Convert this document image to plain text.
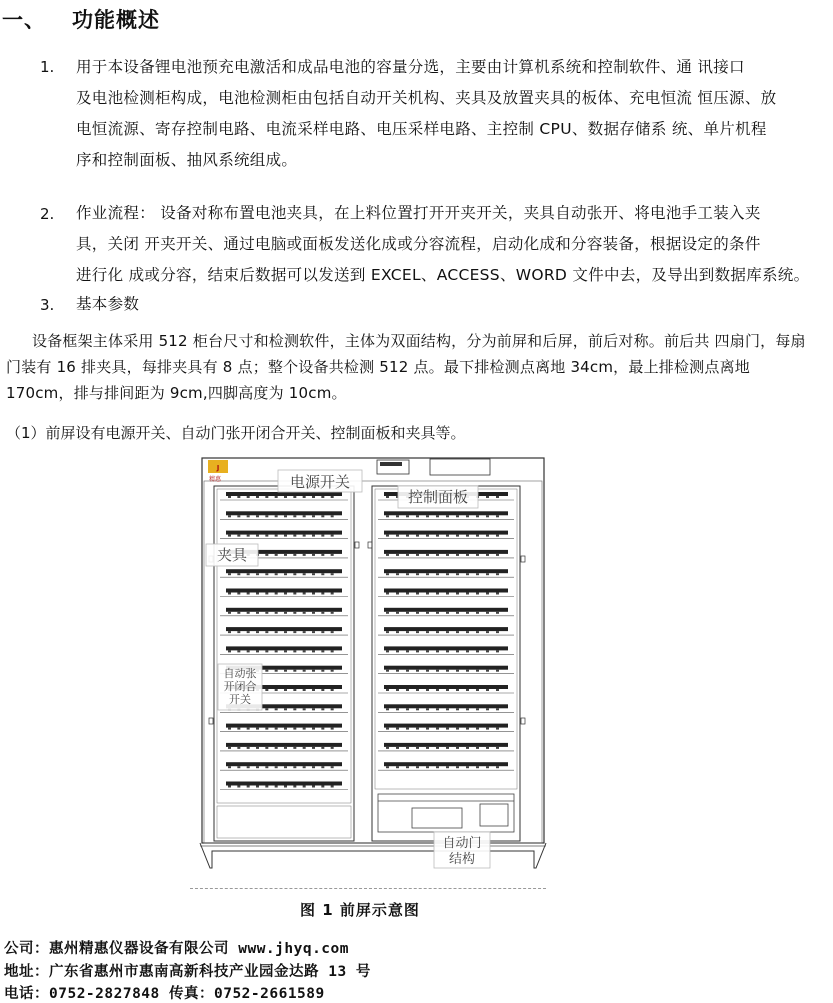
一、 功能概述
1. 用于本设备锂电池预充电激活和成品电池的容量分选，主要由计算机系统和控制软件、通 讯接口
及电池检测柜构成，电池检测柜由包括自动开关机构、夹具及放置夹具的板体、充电恒流 恒压源、放
电恒流源、寄存控制电路、电流采样电路、电压采样电路、主控制 CPU、数据存储系 统、单片机程
序和控制面板、抽风系统组成。
2. 作业流程： 设备对称布置电池夹具，在上料位置打开开夹开关，夹具自动张开、将电池手工装入夹
具，关闭 开夹开关、通过电脑或面板发送化成或分容流程，启动化成和分容装备，根据设定的条件
进行化 成或分容，结束后数据可以发送到 EXCEL、ACCESS、WORD 文件中去，及导出到数据库系统。
3. 基本参数
设备框架主体采用 512 柜台尺寸和检测软件，主体为双面结构，分为前屏和后屏，前后对称。前后共 四扇门，每扇门装有 16 排夹具，每排夹具有 8 点；整个设备共检测 512 点。最下排检测点离地 34cm，最上排检测点离地 170cm，排与排间距为 9cm,四脚高度为 10cm。
（1）前屏设有电源开关、自动门张开闭合开关、控制面板和夹具等。
J
精惠	电源开关
控制面板
夹具
自动张
开闭合
开关
自动门
结构
图 1 前屏示意图
公司：惠州精惠仪器设备有限公司 www.jhyq.com
地址：广东省惠州市惠南高新科技产业园金达路 13 号
电话：0752-2827848 传真：0752-2661589
